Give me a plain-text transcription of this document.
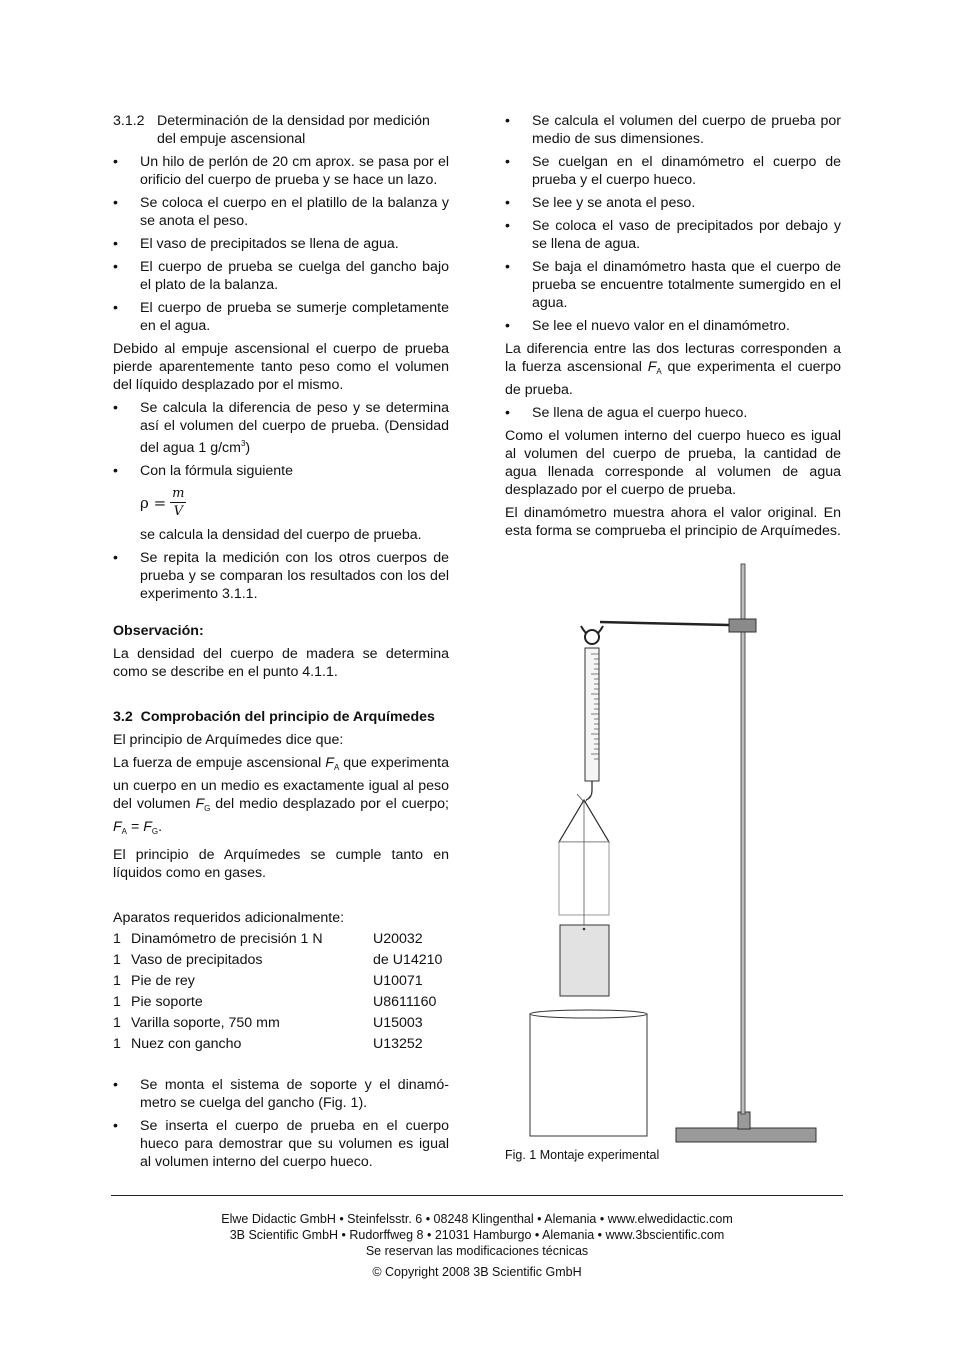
3.1.2 Determinación de la densidad por medición del empuje ascensional
• Un hilo de perlón de 20 cm aprox. se pasa por el orificio del cuerpo de prueba y se hace un lazo.
• Se coloca el cuerpo en el platillo de la balanza y se anota el peso.
• El vaso de precipitados se llena de agua.
• El cuerpo de prueba se cuelga del gancho bajo el plato de la balanza.
• El cuerpo de prueba se sumerje completamente en el agua.

Debido al empuje ascensional el cuerpo de prueba pierde aparentemente tanto peso como el volumen del líquido desplazado por el mismo.

• Se calcula la diferencia de peso y se determina así el volumen del cuerpo de prueba. (Densidad del agua 1 $g/cm^3$)
• Con la fórmula siguiente
$\rho = \frac{m}{V}$
se calcula la densidad del cuerpo de prueba.
• Se repita la medición con los otros cuerpos de prueba y se comparan los resultados con los del experimento 3.1.1.

Observación:

La densidad del cuerpo de madera se determina como se describe en el punto 4.1.1.

3.2  Comprobación del principio de Arquímedes

El principio de Arquímedes dice que:

La fuerza de empuje ascensional $F_A$ que experimenta un cuerpo en un medio es exactamente igual al peso del volumen $F_G$ del medio desplazado por el cuerpo; $F_A = F_G$.

El principio de Arquímedes se cumple tanto en líquidos como en gases.

Aparatos requeridos adicionalmente:

1	Dinamómetro de precisión 1 N	U20032
1	Vaso de precipitados	de U14210
1	Pie de rey	U10071
1	Pie soporte	U8611160
1	Varilla soporte, 750 mm	U15003
1	Nuez con gancho	U13252
• Se monta el sistema de soporte y el dinamó-metro se cuelga del gancho (Fig. 1).
• Se inserta el cuerpo de prueba en el cuerpo hueco para demostrar que su volumen es igual al volumen interno del cuerpo hueco.
• Se calcula el volumen del cuerpo de prueba por medio de sus dimensiones.
• Se cuelgan en el dinamómetro el cuerpo de prueba y el cuerpo hueco.
• Se lee y se anota el peso.
• Se coloca el vaso de precipitados por debajo y se llena de agua.
• Se baja el dinamómetro hasta que el cuerpo de prueba se encuentre totalmente sumergido en el agua.
• Se lee el nuevo valor en el dinamómetro.

La diferencia entre las dos lecturas corresponden a la fuerza ascensional $F_A$ que experimenta el cuerpo de prueba.

• Se llena de agua el cuerpo hueco.

Como el volumen interno del cuerpo hueco es igual al volumen del cuerpo de prueba, la cantidad de agua llenada corresponde al volumen de agua desplazado por el cuerpo de prueba.

El dinamómetro muestra ahora el valor original. En esta forma se comprueba el principio de Arquímedes.

Fig. 1 Montaje experimental
Elwe Didactic GmbH • Steinfelsstr. 6 • 08248 Klingenthal • Alemania • www.elwedidactic.com
3B Scientific GmbH • Rudorffweg 8 • 21031 Hamburgo • Alemania • www.3bscientific.com
Se reservan las modificaciones técnicas
© Copyright 2008 3B Scientific GmbH
